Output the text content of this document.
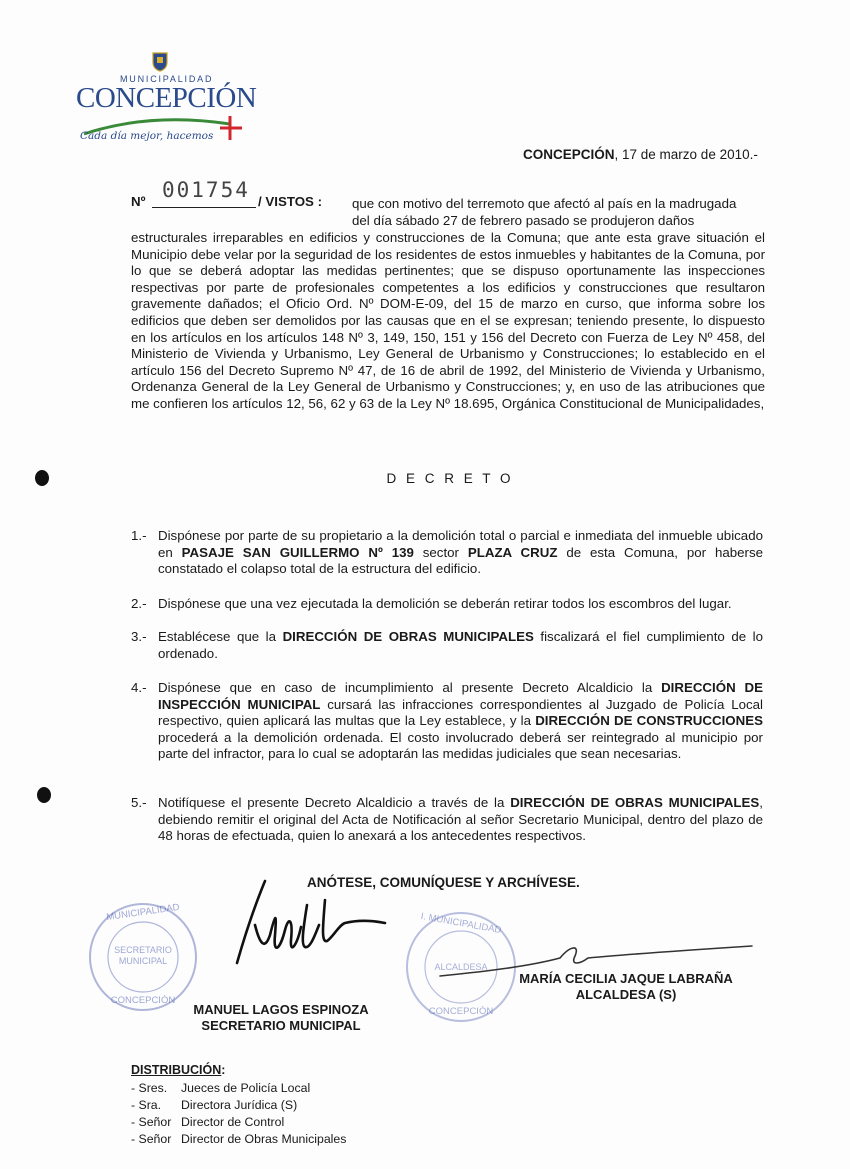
MUNICIPALIDAD
CONCEPCIÓN
Cada día mejor, hacemos
CONCEPCIÓN, 17 de marzo de 2010.-
Nº 001754 / VISTOS : que con motivo del terremoto que afectó al país en la madrugada
del día sábado 27 de febrero pasado se produjeron daños
estructurales irreparables en edificios y construcciones de la Comuna; que ante esta grave situación el Municipio debe velar por la seguridad de los residentes de estos inmuebles y habitantes de la Comuna, por lo que se deberá adoptar las medidas pertinentes; que se dispuso oportunamente las inspecciones respectivas por parte de profesionales competentes a los edificios y construcciones que resultaron gravemente dañados; el Oficio Ord. Nº DOM-E-09, del 15 de marzo en curso, que informa sobre los edificios que deben ser demolidos por las causas que en el se expresan; teniendo presente, lo dispuesto en los artículos en los artículos 148 Nº 3, 149, 150, 151 y 156 del Decreto con Fuerza de Ley Nº 458, del Ministerio de Vivienda y Urbanismo, Ley General de Urbanismo y Construcciones; lo establecido en el artículo 156 del Decreto Supremo Nº 47, de 16 de abril de 1992, del Ministerio de Vivienda y Urbanismo, Ordenanza General de la Ley General de Urbanismo y Construcciones; y, en uso de las atribuciones que me confieren los artículos 12, 56, 62 y 63 de la Ley Nº 18.695, Orgánica Constitucional de Municipalidades,
D E C R E T O
1.- Dispónese por parte de su propietario a la demolición total o parcial e inmediata del inmueble ubicado en PASAJE SAN GUILLERMO Nº 139 sector PLAZA CRUZ de esta Comuna, por haberse constatado el colapso total de la estructura del edificio.
2.- Dispónese que una vez ejecutada la demolición se deberán retirar todos los escombros del lugar.
3.- Establécese que la DIRECCIÓN DE OBRAS MUNICIPALES fiscalizará el fiel cumplimiento de lo ordenado.
4.- Dispónese que en caso de incumplimiento al presente Decreto Alcaldicio la DIRECCIÓN DE INSPECCIÓN MUNICIPAL cursará las infracciones correspondientes al Juzgado de Policía Local respectivo, quien aplicará las multas que la Ley establece, y la DIRECCIÓN DE CONSTRUCCIONES procederá a la demolición ordenada. El costo involucrado deberá ser reintegrado al municipio por parte del infractor, para lo cual se adoptarán las medidas judiciales que sean necesarias.
5.- Notifíquese el presente Decreto Alcaldicio a través de la DIRECCIÓN DE OBRAS MUNICIPALES, debiendo remitir el original del Acta de Notificación al señor Secretario Municipal, dentro del plazo de 48 horas de efectuada, quien lo anexará a los antecedentes respectivos.
ANÓTESE, COMUNÍQUESE Y ARCHÍVESE.
MUNICIPALIDAD
SECRETARIO MUNICIPAL
CONCEPCIÓN
I. MUNICIPALIDAD
ALCALDESA
CONCEPCIÓN
MANUEL LAGOS ESPINOZA
SECRETARIO MUNICIPAL
MARÍA CECILIA JAQUE LABRAÑA
ALCALDESA (S)
DISTRIBUCIÓN:
- Sres. Jueces de Policía Local
- Sra. Directora Jurídica (S)
- Señor Director de Control
- Señor Director de Obras Municipales
